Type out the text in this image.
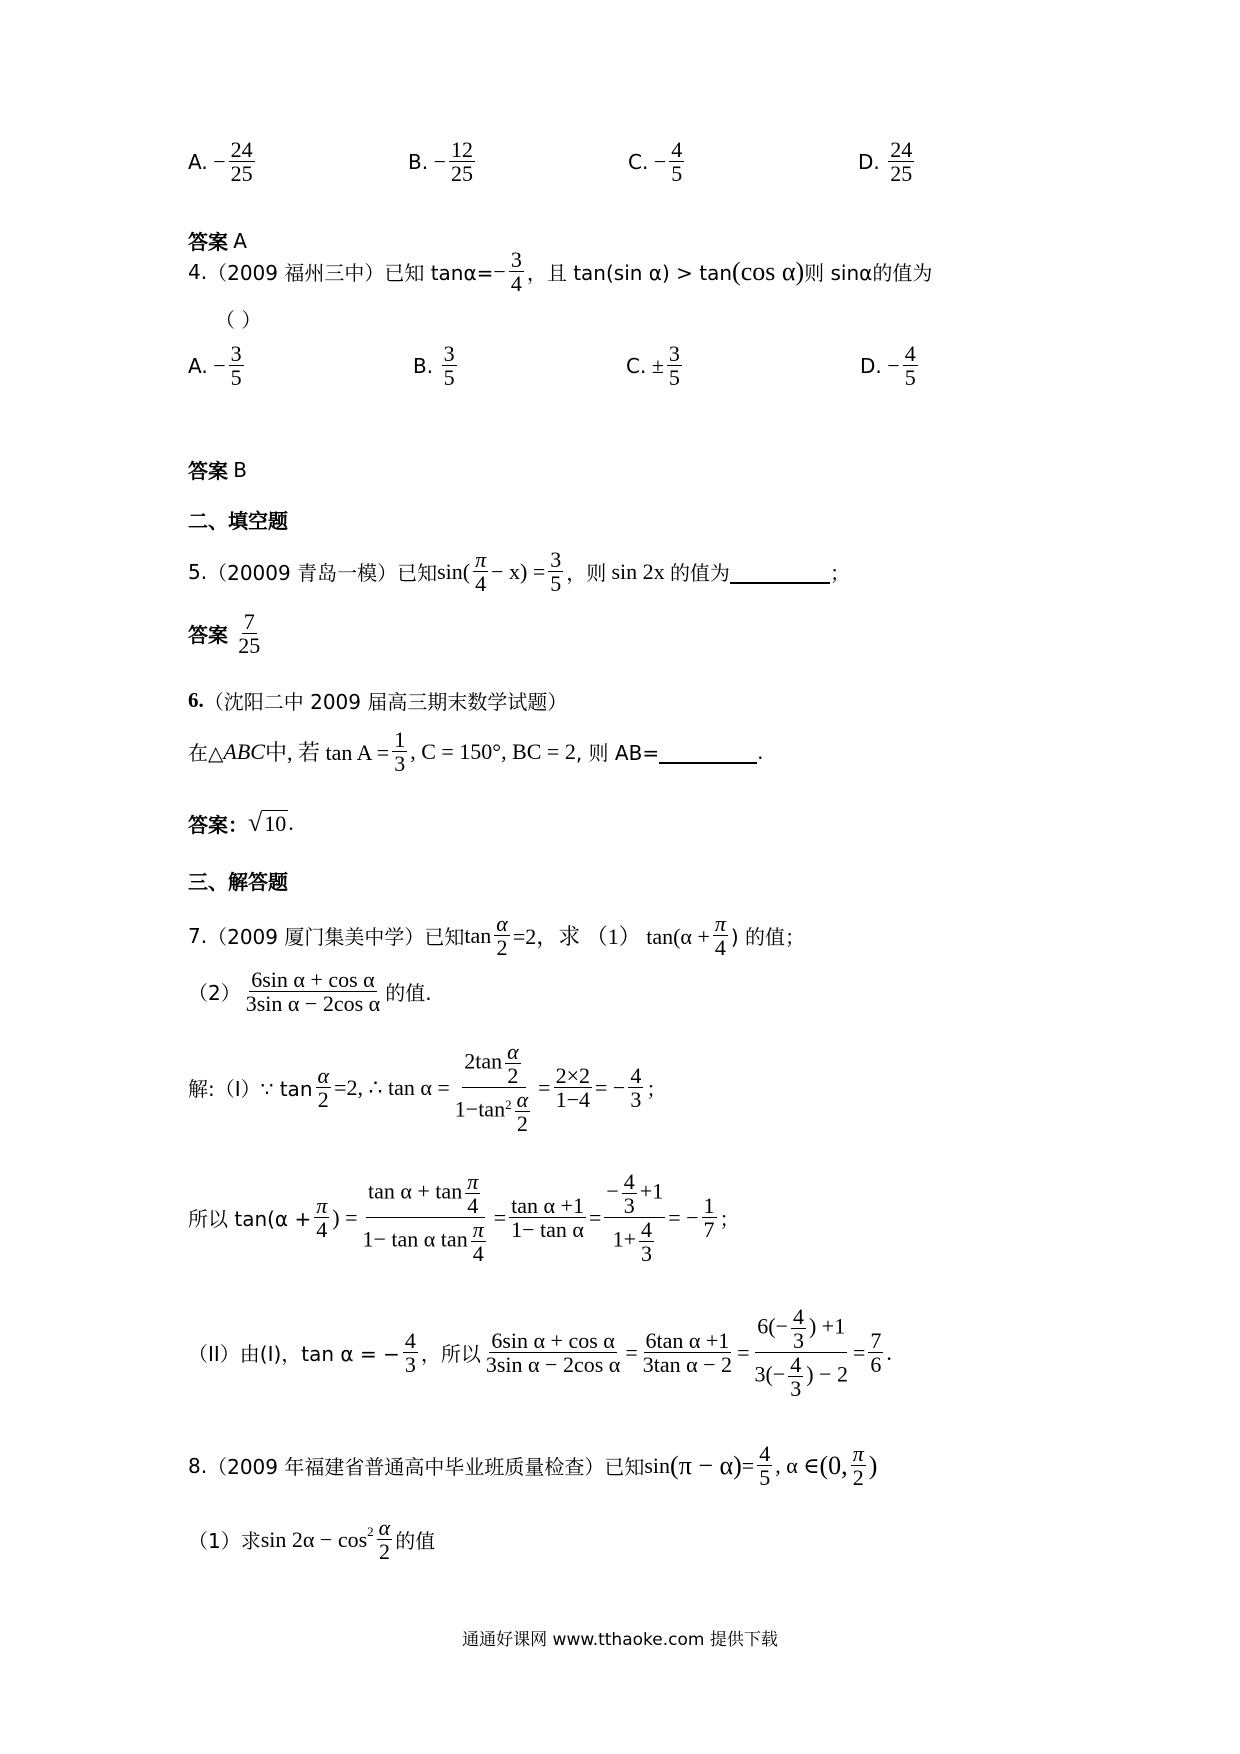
A.
− $\frac{24}{25}$	B.
− $\frac{12}{25}$	C.
− $\frac{4}{5}$	D.
$\frac{24}{25}$
答案
A
4. （2009 福州三中）已知 $\tan\alpha= - \frac{3}{4}$ ，且 tan(sin α) > tan (cos α) 则 sinα的值为
（ ）
A.
− $\frac{3}{5}$	B.
$\frac{3}{5}$	C.
± $\frac{3}{5}$	D.
− $\frac{4}{5}$
答案
B
二、填空题
5. （20009 青岛一模）已知 $\sin( \frac{\pi}{4} - x) = \frac{3}{5}$ ，则
sin 2x
的值为	；
答案
$\frac{7}{25}$
6. （沈阳二中 2009 届高三期末数学试题）
在△ ABC 中, 若 $\tan A = \frac{1}{3}$ , C = 150°, BC = 2 , 则 AB=	.
答案： √ 10 .
三、解答题
7. （2009 厦门集美中学）已知 $\tan \frac{\alpha}{2} =2$，求 （1） $\tan(\alpha + \frac{\pi}{4}$ ) 的值；
$(2) \frac{\text{6sin α + cos α}}{\text{3sin α − 2cos α}}$ 的值.
解:（I）∵ $\tan \frac{\alpha}{2} =2$, ∴ $\tan \alpha = \frac{2\tan \frac{\alpha}{2}}{1-\tan^2 \frac{\alpha}{2}} = \frac{2\times 2}{1-4}$ = − $\frac{4}{3}$ ；
所以 $\tan(\alpha + \frac{\pi}{4}$ ) = $\frac{\tan \alpha + \tan \frac{\pi}{4}}{1- \tan \alpha \tan \frac{\pi}{4}} = \frac{\text{tan α +1}}{\text{1− tan α}} = \frac{- \frac{4}{3} +1}{1+ \frac{4}{3}}$ = − $\frac{1}{7}$ ；
（II）由(I)，tan α = − $\frac{4}{3}$ ，所以 $\frac{\text{6sin α + cos α}}{\text{3sin α − 2cos α}} = \frac{\text{6tan α +1}}{\text{3tan α − 2}} = \frac{6(- \frac{4}{3} ) +1}{3(- \frac{4}{3} ) - 2} = \frac{7}{6}$ .
8. （2009 年福建省普通高中毕业班质量检查）已知 $\sin (\pi - \alpha) = \frac{4}{5}$ , α ∈ (0, $\frac{\pi}{2}$ )
（1）求 $\sin 2\alpha - \cos 2 \frac{\alpha}{2}$ 的值
通通好课网 www.tthaoke.com 提供下载
